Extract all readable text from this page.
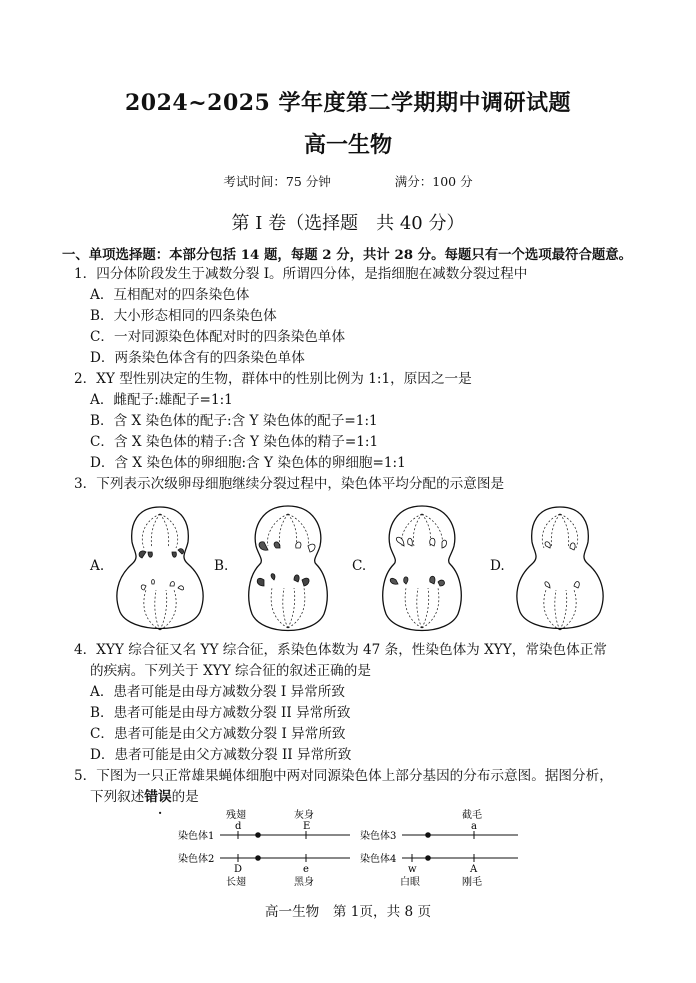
2024~2025 学年度第二学期期中调研试题
高一生物
考试时间：75 分钟	满分：100 分
第 I 卷（选择题　共 40 分）
一、单项选择题：本部分包括 14 题，每题 2 分，共计 28 分。每题只有一个选项最符合题意。
1．四分体阶段发生于减数分裂 I。所谓四分体，是指细胞在减数分裂过程中
A．互相配对的四条染色体
B．大小形态相同的四条染色体
C．一对同源染色体配对时的四条染色单体
D．两条染色体含有的四条染色单体
2．XY 型性别决定的生物，群体中的性别比例为 1:1，原因之一是
A．雌配子:雄配子=1:1
B．含 X 染色体的配子:含 Y 染色体的配子=1:1
C．含 X 染色体的精子:含 Y 染色体的精子=1:1
D．含 X 染色体的卵细胞:含 Y 染色体的卵细胞=1:1
3．下列表示次级卵母细胞继续分裂过程中，染色体平均分配的示意图是
A.	B.	C.	D.
4．XYY 综合征又名 YY 综合征，系染色体数为 47 条，性染色体为 XYY，常染色体正常
的疾病。下列关于 XYY 综合征的叙述正确的是
A．患者可能是由母方减数分裂 I 异常所致
B．患者可能是由母方减数分裂 II 异常所致
C．患者可能是由父方减数分裂 I 异常所致
D．患者可能是由父方减数分裂 II 异常所致
5．下图为一只正常雄果蝇体细胞中两对同源染色体上部分基因的分布示意图。据图分析，
下列叙述错误的是
染色体1
染色体2
染色体3
染色体4
残翅	灰身	截毛
d	E	a
D	e	w	A
长翅	黑身	白眼	刚毛
高一生物　第 1页，共 8 页
